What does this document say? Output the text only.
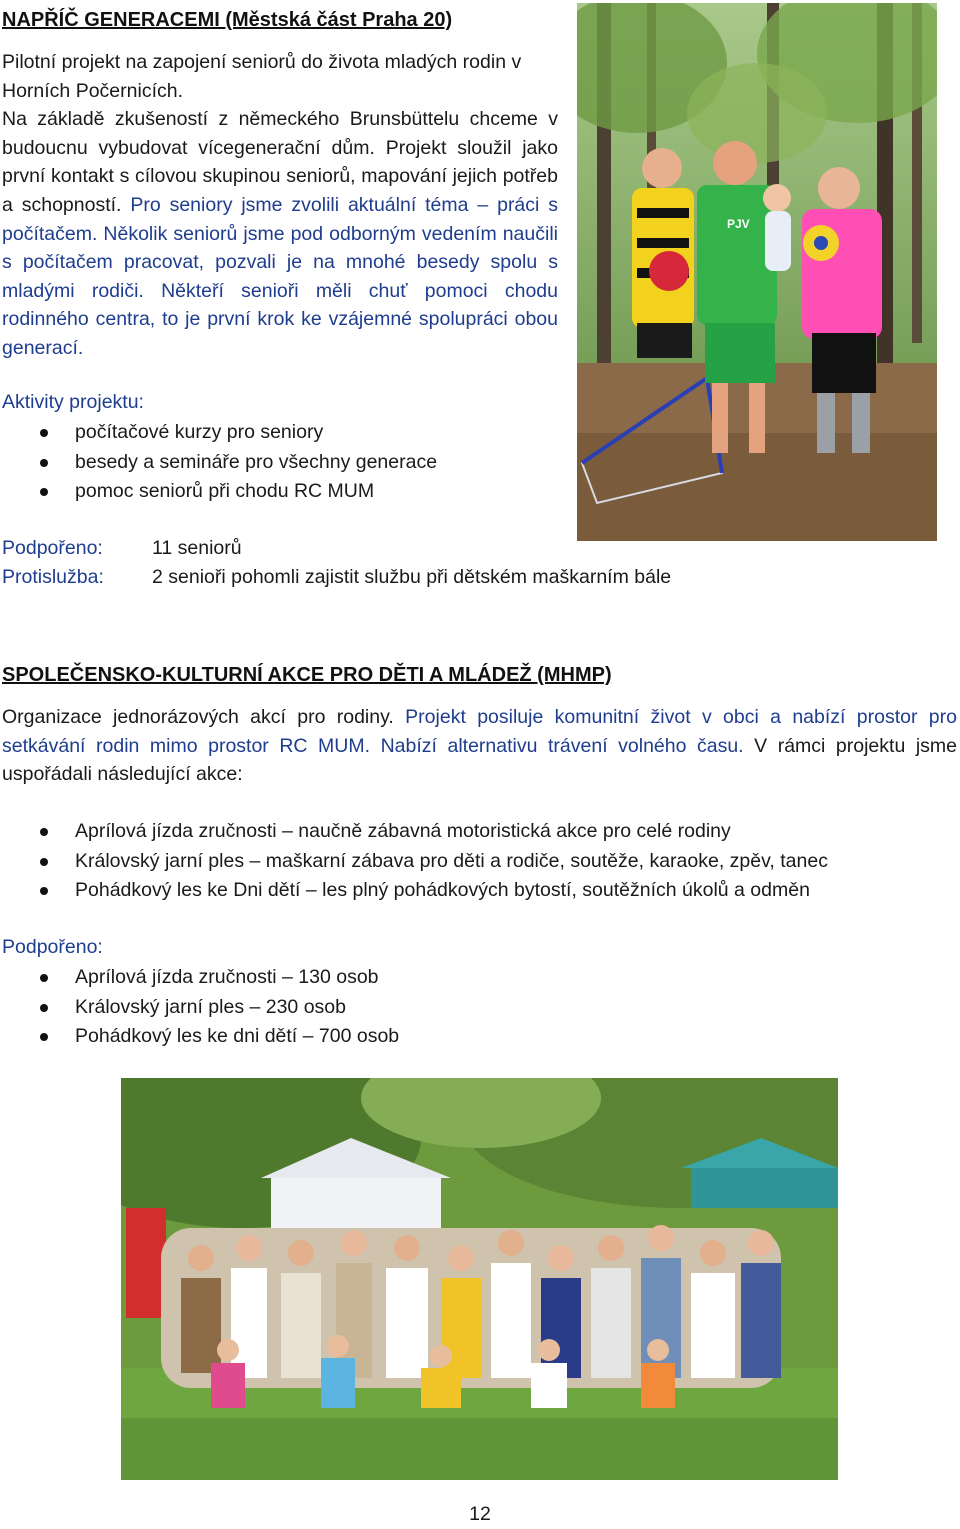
NAPŘÍČ GENERACEMI (Městská část Praha 20)

Pilotní projekt na zapojení seniorů do života mladých rodin v Horních Počernicích.

Na základě zkušeností z německého Brunsbüttelu chceme v budoucnu vybudovat vícegenerační dům. Projekt sloužil jako první kontakt s cílovou skupinou seniorů, mapování jejich potřeb a schopností. Pro seniory jsme zvolili aktuální téma – práci s počítačem. Několik seniorů jsme pod odborným vedením naučili s počítačem pracovat, pozvali je na mnohé besedy spolu s mladými rodiči. Někteří senioři měli chuť pomoci chodu rodinného centra, to je první krok ke vzájemné spolupráci obou generací.

Aktivity projektu:
počítačové kurzy pro seniory
besedy a semináře pro všechny generace
pomoc seniorů při chodu RC MUM
Podpořeno:	11 seniorů
Protislužba:	2 senioři pohomli zajistit službu při dětském maškarním bále
PJV
SPOLEČENSKO-KULTURNÍ AKCE PRO DĚTI A MLÁDEŽ (MHMP)

Organizace jednorázových akcí pro rodiny. Projekt posiluje komunitní život v obci a nabízí prostor pro setkávání rodin mimo prostor RC MUM. Nabízí alternativu trávení volného času. V rámci projektu jsme uspořádali následující akce:

Aprílová jízda zručnosti – naučně zábavná motoristická akce pro celé rodiny
Královský jarní ples – maškarní zábava pro děti a rodiče, soutěže, karaoke, zpěv, tanec
Pohádkový les ke Dni dětí – les plný pohádkových bytostí, soutěžních úkolů a odměn
Podpořeno:
Aprílová jízda zručnosti – 130 osob
Královský jarní ples – 230 osob
Pohádkový les ke dni dětí – 700 osob
12
